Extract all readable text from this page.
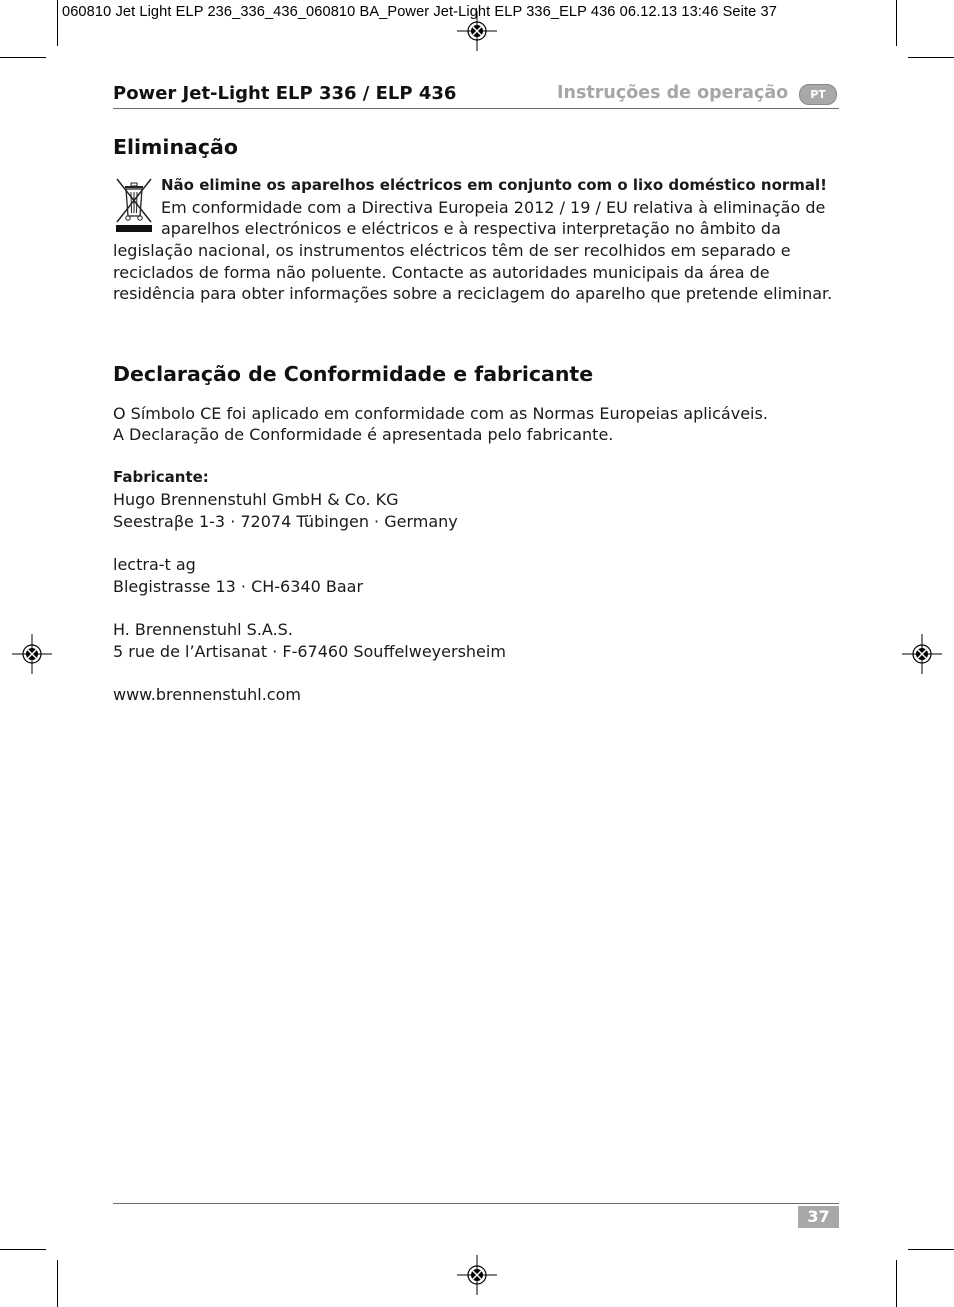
060810 Jet Light ELP 236_336_436_060810 BA_Power Jet-Light ELP 336_ELP 436 06.12.13 13:46 Seite 37
Power Jet-Light ELP 336 / ELP 436	Instruções de operação	PT
Eliminação

Não elimine os aparelhos eléctricos em conjunto com o lixo doméstico normal!

Em conformidade com a Directiva Europeia 2012 / 19 / EU relativa à eliminação de

aparelhos electrónicos e eléctricos e à respectiva interpretação no âmbito da

legislação nacional, os instrumentos eléctricos têm de ser recolhidos em separado e

reciclados de forma não poluente. Contacte as autoridades municipais da área de

residência para obter informações sobre a reciclagem do aparelho que pretende eliminar.

Declaração de Conformidade e fabricante

O Símbolo CE foi aplicado em conformidade com as Normas Europeias aplicáveis.

A Declaração de Conformidade é apresentada pelo fabricante.

Fabricante:

Hugo Brennenstuhl GmbH & Co. KG

Seestraβe 1-3 · 72074 Tübingen · Germany

lectra-t ag

Blegistrasse 13 · CH-6340 Baar

H. Brennenstuhl S.A.S.

5 rue de l’Artisanat · F-67460 Souffelweyersheim

www.brennenstuhl.com

37
